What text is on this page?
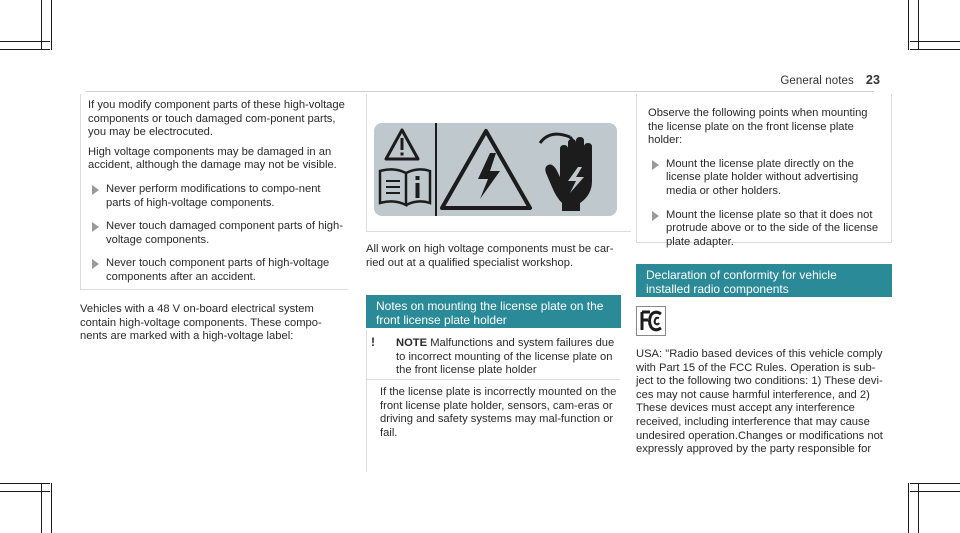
General notes 23

If you modify component parts of these high-voltage components or touch damaged com-ponent parts, you may be electrocuted.

High voltage components may be damaged in an accident, although the damage may not be visible.

Never perform modifications to compo-nent parts of high-voltage components.
Never touch damaged component parts of high-voltage components.
Never touch component parts of high-voltage components after an accident.
Vehicles with a 48 V on-board electrical system contain high-voltage components. These compo-nents are marked with a high-voltage label:
All work on high voltage components must be car-ried out at a qualified specialist workshop.
Notes on mounting the license plate on the front license plate holder
! NOTE Malfunctions and system failures due to incorrect mounting of the license plate on the front license plate holder
If the license plate is incorrectly mounted on the front license plate holder, sensors, cam-eras or driving and safety systems may mal-function or fail.

Observe the following points when mounting the license plate on the front license plate holder:

Mount the license plate directly on the license plate holder without advertising media or other holders.
Mount the license plate so that it does not protrude above or to the side of the license plate adapter.
Declaration of conformity for vehicle installed radio components
USA: "Radio based devices of this vehicle comply with Part 15 of the FCC Rules. Operation is sub-ject to the following two conditions: 1) These devi-ces may not cause harmful interference, and 2) These devices must accept any interference received, including interference that may cause undesired operation.Changes or modifications not expressly approved by the party responsible for
